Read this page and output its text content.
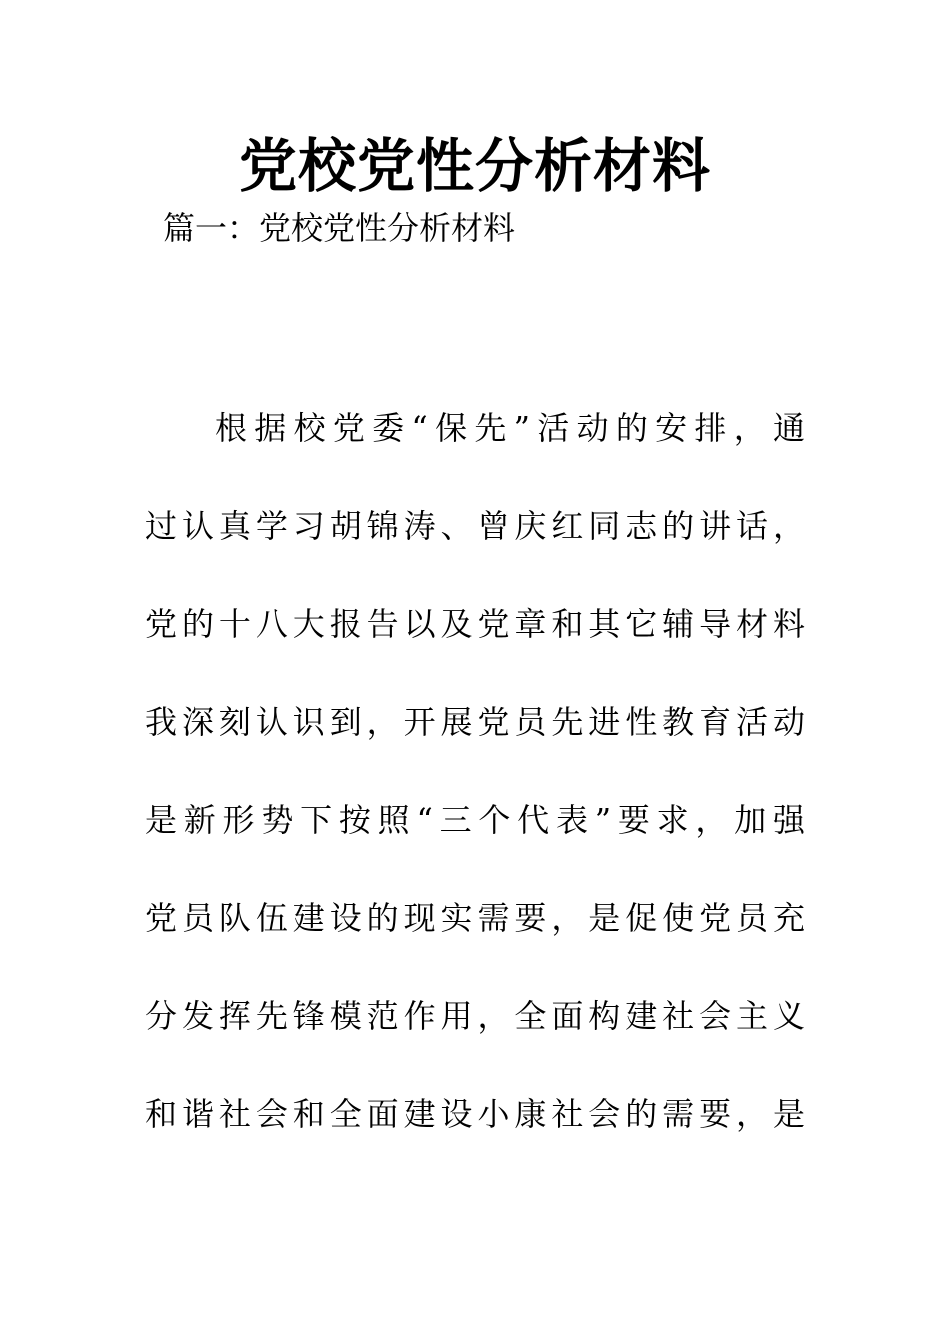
党校党性分析材料

篇一：党校党性分析材料

根据校党委“保先”活动的安排，通
过认真学习胡锦涛、曾庆红同志的讲话，
党的十八大报告以及党章和其它辅导材料
我深刻认识到，开展党员先进性教育活动
是新形势下按照“三个代表”要求，加强
党员队伍建设的现实需要，是促使党员充
分发挥先锋模范作用，全面构建社会主义
和谐社会和全面建设小康社会的需要，是
